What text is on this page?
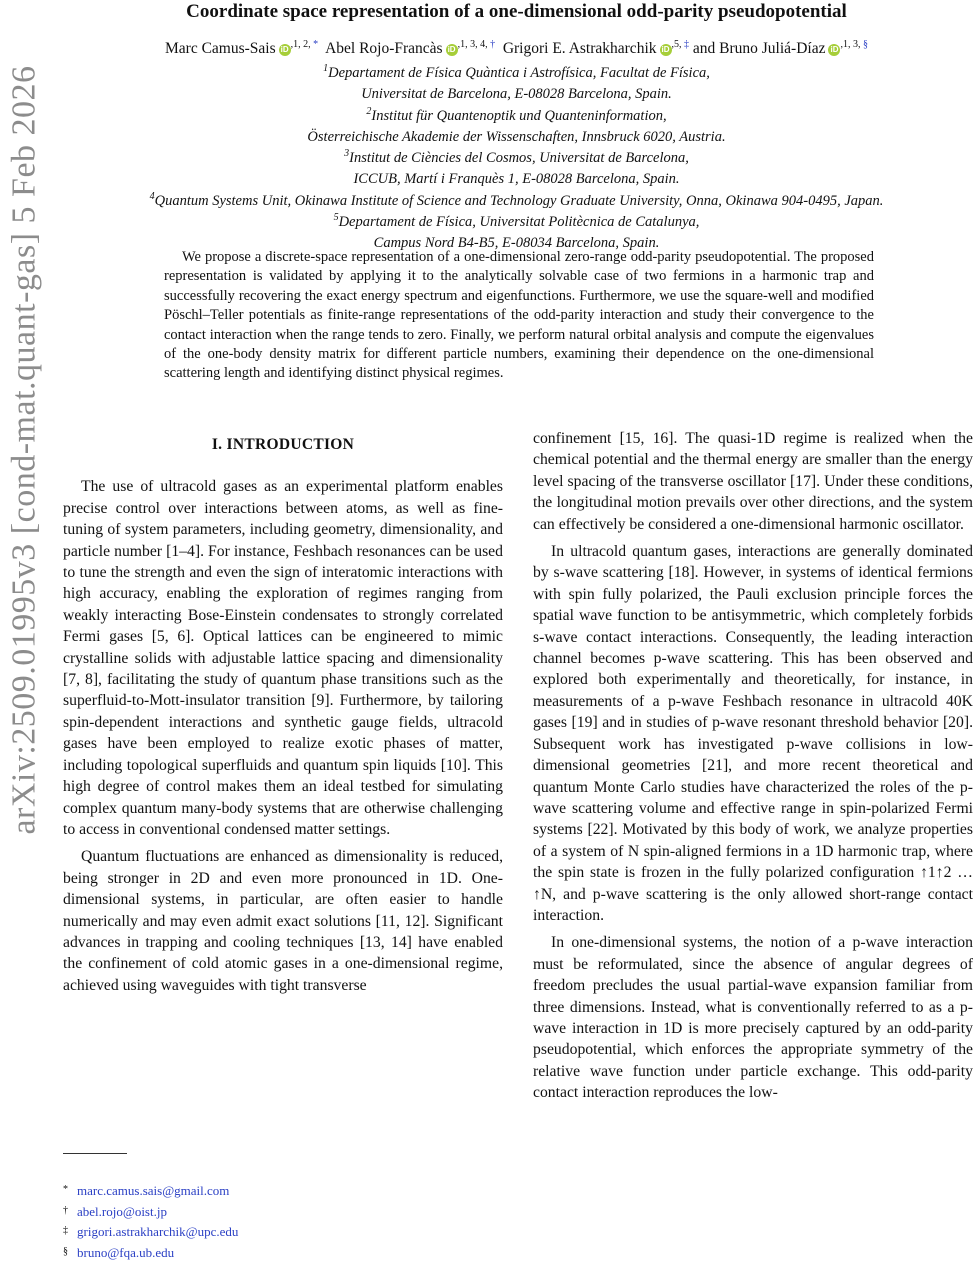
arXiv:2509.01995v3 [cond-mat.quant-gas] 5 Feb 2026
Coordinate space representation of a one-dimensional odd-parity pseudopotential
Marc Camus-Sais iD $^{,1, 2, *}$ Abel Rojo-Francàs iD $^{,1, 3, 4, \dagger}$ Grigori E. Astrakharchik iD $^{,5, \ddagger}$ and Bruno Juliá-Díaz iD $^{,1, 3, \S}$
$^1$Departament de Física Quàntica i Astrofísica, Facultat de Física,
Universitat de Barcelona, E-08028 Barcelona, Spain.
$^2$Institut für Quantenoptik und Quanteninformation,
Österreichische Akademie der Wissenschaften, Innsbruck 6020, Austria.
$^3$Institut de Ciències del Cosmos, Universitat de Barcelona,
ICCUB, Martí i Franquès 1, E-08028 Barcelona, Spain.
$^4$Quantum Systems Unit, Okinawa Institute of Science and Technology Graduate University, Onna, Okinawa 904-0495, Japan.
$^5$Departament de Física, Universitat Politècnica de Catalunya,
Campus Nord B4-B5, E-08034 Barcelona, Spain.

We propose a discrete-space representation of a one-dimensional zero-range odd-parity pseudopotential. The proposed representation is validated by applying it to the analytically solvable case of two fermions in a harmonic trap and successfully recovering the exact energy spectrum and eigenfunctions. Furthermore, we use the square-well and modified Pöschl–Teller potentials as finite-range representations of the odd-parity interaction and study their convergence to the contact interaction when the range tends to zero. Finally, we perform natural orbital analysis and compute the eigenvalues of the one-body density matrix for different particle numbers, examining their dependence on the one-dimensional scattering length and identifying distinct physical regimes.

I. INTRODUCTION

The use of ultracold gases as an experimental platform enables precise control over interactions between atoms, as well as fine-tuning of system parameters, including geometry, dimensionality, and particle number [1–4]. For instance, Feshbach resonances can be used to tune the strength and even the sign of interatomic interactions with high accuracy, enabling the exploration of regimes ranging from weakly interacting Bose-Einstein condensates to strongly correlated Fermi gases [5, 6]. Optical lattices can be engineered to mimic crystalline solids with adjustable lattice spacing and dimensionality [7, 8], facilitating the study of quantum phase transitions such as the superfluid-to-Mott-insulator transition [9]. Furthermore, by tailoring spin-dependent interactions and synthetic gauge fields, ultracold gases have been employed to realize exotic phases of matter, including topological superfluids and quantum spin liquids [10]. This high degree of control makes them an ideal testbed for simulating complex quantum many-body systems that are otherwise challenging to access in conventional condensed matter settings.

Quantum fluctuations are enhanced as dimensionality is reduced, being stronger in 2D and even more pronounced in 1D. One-dimensional systems, in particular, are often easier to handle numerically and may even admit exact solutions [11, 12]. Significant advances in trapping and cooling techniques [13, 14] have enabled the confinement of cold atomic gases in a one-dimensional regime, achieved using waveguides with tight transverse

confinement [15, 16]. The quasi-1D regime is realized when the chemical potential and the thermal energy are smaller than the energy level spacing of the transverse oscillator [17]. Under these conditions, the longitudinal motion prevails over other directions, and the system can effectively be considered a one-dimensional harmonic oscillator.

In ultracold quantum gases, interactions are generally dominated by s-wave scattering [18]. However, in systems of identical fermions with spin fully polarized, the Pauli exclusion principle forces the spatial wave function to be antisymmetric, which completely forbids s-wave contact interactions. Consequently, the leading interaction channel becomes p-wave scattering. This has been observed and explored both experimentally and theoretically, for instance, in measurements of a p-wave Feshbach resonance in ultracold 40K gases [19] and in studies of p-wave resonant threshold behavior [20]. Subsequent work has investigated p-wave collisions in low-dimensional geometries [21], and more recent theoretical and quantum Monte Carlo studies have characterized the roles of the p-wave scattering volume and effective range in spin-polarized Fermi systems [22]. Motivated by this body of work, we analyze properties of a system of N spin-aligned fermions in a 1D harmonic trap, where the spin state is frozen in the fully polarized configuration ↑1↑2 … ↑N, and p-wave scattering is the only allowed short-range contact interaction.

In one-dimensional systems, the notion of a p-wave interaction must be reformulated, since the absence of angular degrees of freedom precludes the usual partial-wave expansion familiar from three dimensions. Instead, what is conventionally referred to as a p-wave interaction in 1D is more precisely captured by an odd-parity pseudopotential, which enforces the appropriate symmetry of the relative wave function under particle exchange. This odd-parity contact interaction reproduces the low-

* marc.camus.sais@gmail.com
† abel.rojo@oist.jp
‡ grigori.astrakharchik@upc.edu
§ bruno@fqa.ub.edu
